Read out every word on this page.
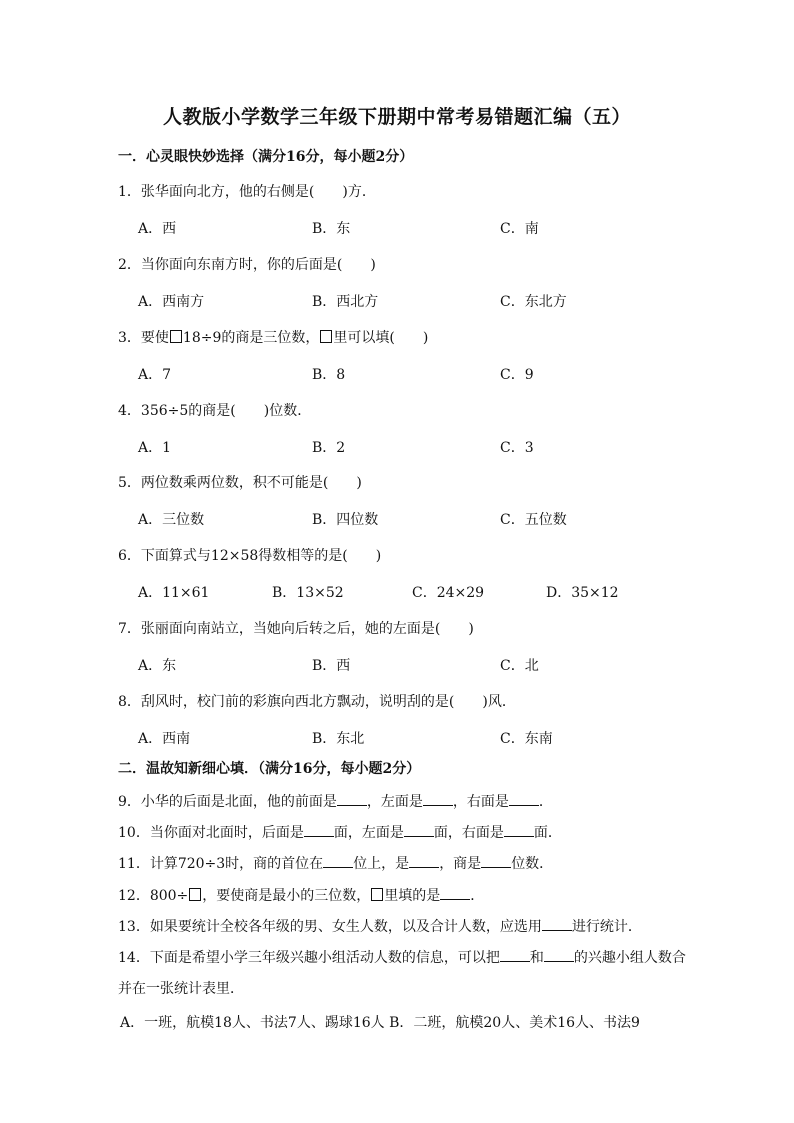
人教版小学数学三年级下册期中常考易错题汇编（五）
一．心灵眼快妙选择（满分16分，每小题2分）
1．张华面向北方，他的右侧是(　　)方．
A．西	B．东	C．南
2．当你面向东南方时，你的后面是(　　)
A．西南方	B．西北方	C．东北方
3．要使 18÷9的商是三位数， 里可以填(　　)
A．7	B．8	C．9
4．356÷5的商是(　　)位数．
A．1	B．2	C．3
5．两位数乘两位数，积不可能是(　　)
A．三位数	B．四位数	C．五位数
6．下面算式与12×58得数相等的是(　　)
A．11×61	B．13×52	C．24×29	D．35×12
7．张丽面向南站立，当她向后转之后，她的左面是(　　)
A．东	B．西	C．北
8．刮风时，校门前的彩旗向西北方飘动，说明刮的是(　　)风．
A．西南	B．东北	C．东南
二．温故知新细心填．（满分16分，每小题2分）
9．小华的后面是北面，他的前面是 ，左面是 ，右面是 ．
10．当你面对北面时，后面是 面，左面是 面，右面是 面．
11．计算720÷3时，商的首位在 位上，是 ，商是 位数．
12．800÷ ，要使商是最小的三位数， 里填的是 ．
13．如果要统计全校各年级的男、女生人数，以及合计人数，应选用 进行统计．
14．下面是希望小学三年级兴趣小组活动人数的信息，可以把 和 的兴趣小组人数合
并在一张统计表里．
A．一班，航模18人、书法7人、踢球16人 B．二班，航模20人、美术16人、书法9
